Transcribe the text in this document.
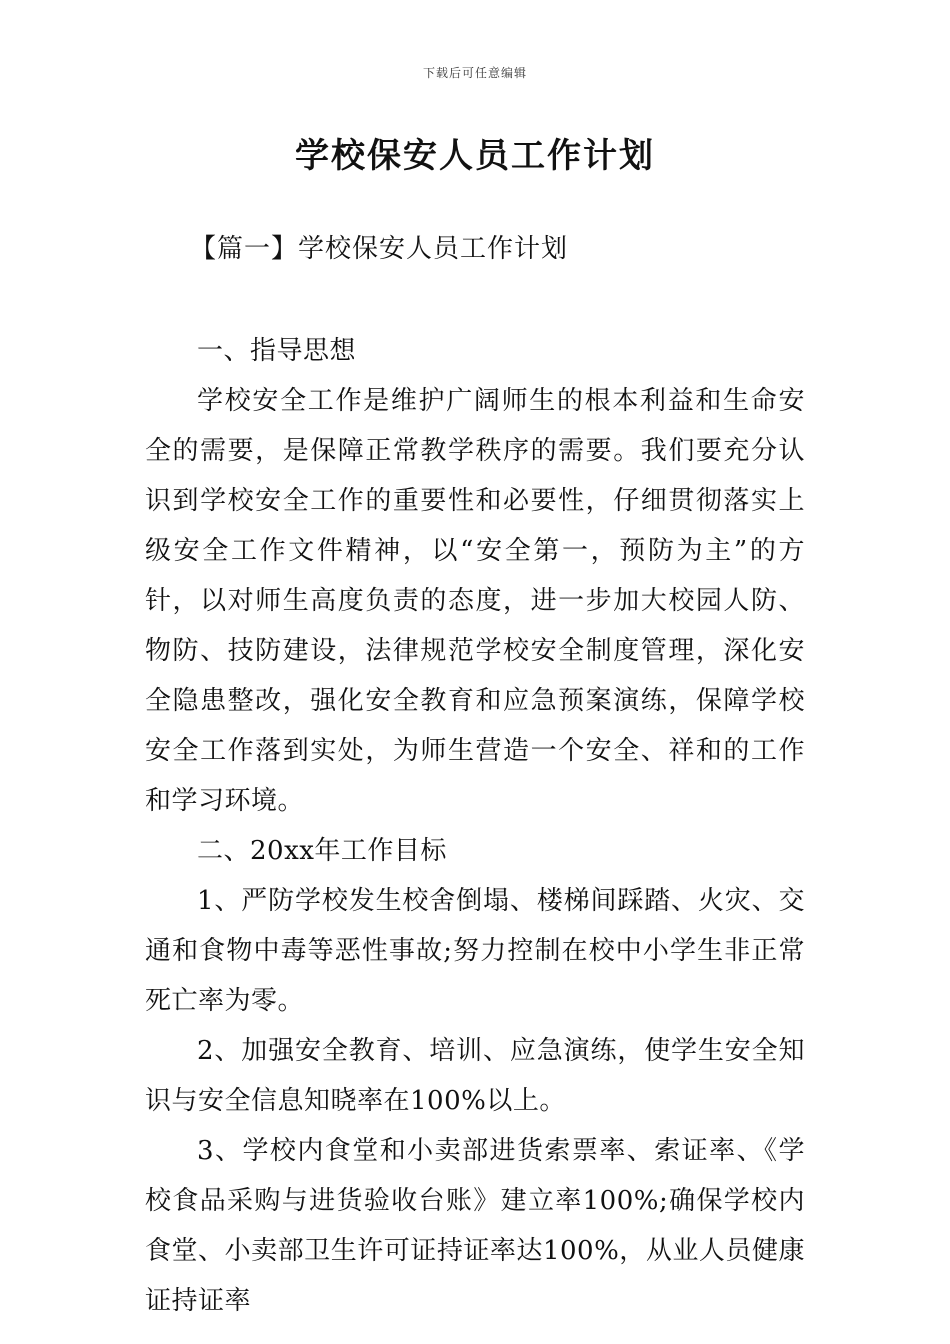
下载后可任意编辑
学校保安人员工作计划
【篇一】学校保安人员工作计划

一、指导思想

学校安全工作是维护广阔师生的根本利益和生命安全的需要，是保障正常教学秩序的需要。我们要充分认识到学校安全工作的重要性和必要性，仔细贯彻落实上级安全工作文件精神，以“安全第一，预防为主”的方针，以对师生高度负责的态度，进一步加大校园人防、物防、技防建设，法律规范学校安全制度管理，深化安全隐患整改，强化安全教育和应急预案演练，保障学校安全工作落到实处，为师生营造一个安全、祥和的工作和学习环境。

二、20xx年工作目标

1、严防学校发生校舍倒塌、楼梯间踩踏、火灾、交通和食物中毒等恶性事故;努力控制在校中小学生非正常死亡率为零。

2、加强安全教育、培训、应急演练，使学生安全知识与安全信息知晓率在100%以上。

3、学校内食堂和小卖部进货索票率、索证率、《学校食品采购与进货验收台账》建立率100%;确保学校内食堂、小卖部卫生许可证持证率达100%，从业人员健康证持证率
